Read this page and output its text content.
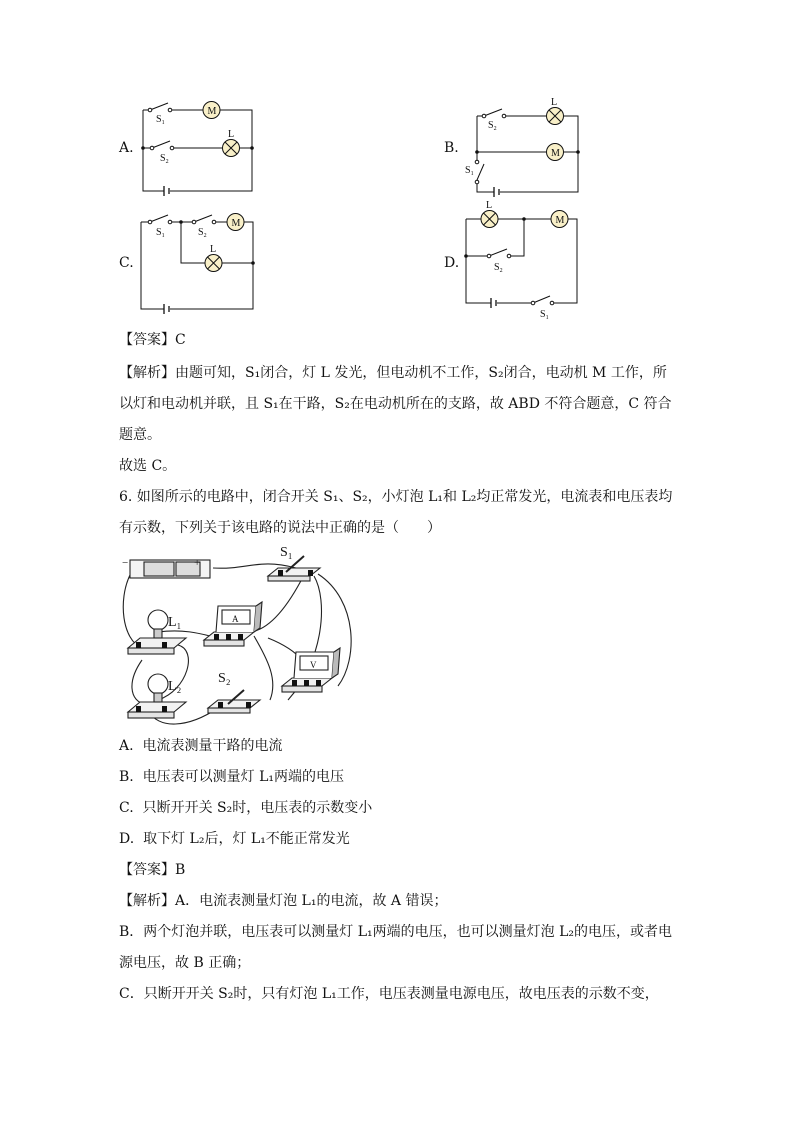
A.	B.
C.	D.
$S_1$
M
$S_2$
L
$S_2$
L
M
$S_1$
$S_1$	$S_2$
M
L
L
M
$S_2$
$S_1$
【答案】C
【解析】由题可知，S₁闭合，灯 L 发光，但电动机不工作，S₂闭合，电动机 M 工作，所
以灯和电动机并联，且 S₁在干路，S₂在电动机所在的支路，故 ABD 不符合题意，C 符合
题意。
故选 C。
6. 如图所示的电路中，闭合开关 S₁、S₂，小灯泡 L₁和 L₂均正常发光，电流表和电压表均
有示数，下列关于该电路的说法中正确的是（　　）
−	+
S₁
L₁
L₂
S₂
A
V
A. 电流表测量干路的电流
B. 电压表可以测量灯 L₁两端的电压
C. 只断开开关 S₂时，电压表的示数变小
D. 取下灯 L₂后，灯 L₁不能正常发光
【答案】B
【解析】A．电流表测量灯泡 L₁的电流，故 A 错误；
B．两个灯泡并联，电压表可以测量灯 L₁两端的电压，也可以测量灯泡 L₂的电压，或者电
源电压，故 B 正确；
C．只断开开关 S₂时，只有灯泡 L₁工作，电压表测量电源电压，故电压表的示数不变，
